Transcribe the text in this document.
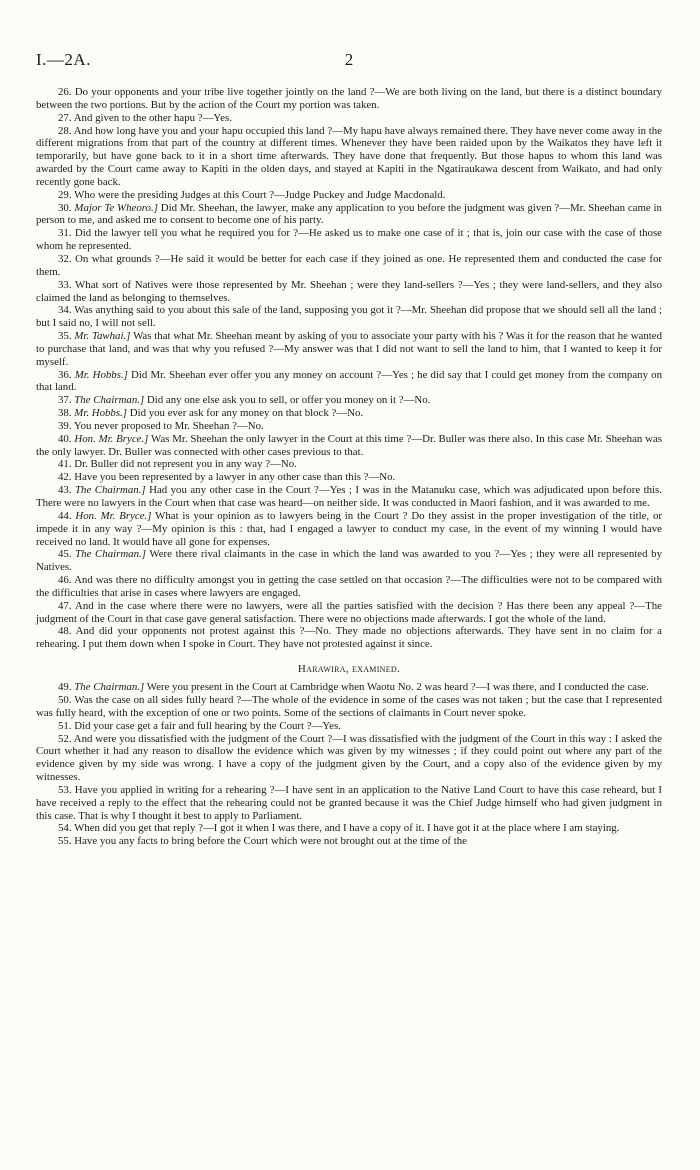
I.—2A.	2

26. Do your opponents and your tribe live together jointly on the land ?—We are both living on the land, but there is a distinct boundary between the two portions. But by the action of the Court my portion was taken.

27. And given to the other hapu ?—Yes.

28. And how long have you and your hapu occupied this land ?—My hapu have always remained there. They have never come away in the different migrations from that part of the country at different times. Whenever they have been raided upon by the Waikatos they have left it temporarily, but have gone back to it in a short time afterwards. They have done that frequently. But those hapus to whom this land was awarded by the Court came away to Kapiti in the olden days, and stayed at Kapiti in the Ngatiraukawa descent from Waikato, and had only recently gone back.

29. Who were the presiding Judges at this Court ?—Judge Puckey and Judge Macdonald.

30. Major Te Wheoro.] Did Mr. Sheehan, the lawyer, make any application to you before the judgment was given ?—Mr. Sheehan came in person to me, and asked me to consent to become one of his party.

31. Did the lawyer tell you what he required you for ?—He asked us to make one case of it ; that is, join our case with the case of those whom he represented.

32. On what grounds ?—He said it would be better for each case if they joined as one. He represented them and conducted the case for them.

33. What sort of Natives were those represented by Mr. Sheehan ; were they land-sellers ?—Yes ; they were land-sellers, and they also claimed the land as belonging to themselves.

34. Was anything said to you about this sale of the land, supposing you got it ?—Mr. Sheehan did propose that we should sell all the land ; but I said no, I will not sell.

35. Mr. Tawhai.] Was that what Mr. Sheehan meant by asking of you to associate your party with his ? Was it for the reason that he wanted to purchase that land, and was that why you refused ?—My answer was that I did not want to sell the land to him, that I wanted to keep it for myself.

36. Mr. Hobbs.] Did Mr. Sheehan ever offer you any money on account ?—Yes ; he did say that I could get money from the company on that land.

37. The Chairman.] Did any one else ask you to sell, or offer you money on it ?—No.

38. Mr. Hobbs.] Did you ever ask for any money on that block ?—No.

39. You never proposed to Mr. Sheehan ?—No.

40. Hon. Mr. Bryce.] Was Mr. Sheehan the only lawyer in the Court at this time ?—Dr. Buller was there also. In this case Mr. Sheehan was the only lawyer. Dr. Buller was connected with other cases previous to that.

41. Dr. Buller did not represent you in any way ?—No.

42. Have you been represented by a lawyer in any other case than this ?—No.

43. The Chairman.] Had you any other case in the Court ?—Yes ; I was in the Matanuku case, which was adjudicated upon before this. There were no lawyers in the Court when that case was heard—on neither side. It was conducted in Maori fashion, and it was awarded to me.

44. Hon. Mr. Bryce.] What is your opinion as to lawyers being in the Court ? Do they assist in the proper investigation of the title, or impede it in any way ?—My opinion is this : that, had I engaged a lawyer to conduct my case, in the event of my winning I would have received no land. It would have all gone for expenses.

45. The Chairman.] Were there rival claimants in the case in which the land was awarded to you ?—Yes ; they were all represented by Natives.

46. And was there no difficulty amongst you in getting the case settled on that occasion ?—The difficulties were not to be compared with the difficulties that arise in cases where lawyers are engaged.

47. And in the case where there were no lawyers, were all the parties satisfied with the decision ? Has there been any appeal ?—The judgment of the Court in that case gave general satisfaction. There were no objections made afterwards. I got the whole of the land.

48. And did your opponents not protest against this ?—No. They made no objections afterwards. They have sent in no claim for a rehearing. I put them down when I spoke in Court. They have not protested against it since.

Harawira, examined.

49. The Chairman.] Were you present in the Court at Cambridge when Waotu No. 2 was heard ?—I was there, and I conducted the case.

50. Was the case on all sides fully heard ?—The whole of the evidence in some of the cases was not taken ; but the case that I represented was fully heard, with the exception of one or two points. Some of the sections of claimants in Court never spoke.

51. Did your case get a fair and full hearing by the Court ?—Yes.

52. And were you dissatisfied with the judgment of the Court ?—I was dissatisfied with the judgment of the Court in this way : I asked the Court whether it had any reason to disallow the evidence which was given by my witnesses ; if they could point out where any part of the evidence given by my side was wrong. I have a copy of the judgment given by the Court, and a copy also of the evidence given by my witnesses.

53. Have you applied in writing for a rehearing ?—I have sent in an application to the Native Land Court to have this case reheard, but I have received a reply to the effect that the rehearing could not be granted because it was the Chief Judge himself who had given judgment in this case. That is why I thought it best to apply to Parliament.

54. When did you get that reply ?—I got it when I was there, and I have a copy of it. I have got it at the place where I am staying.

55. Have you any facts to bring before the Court which were not brought out at the time of the
